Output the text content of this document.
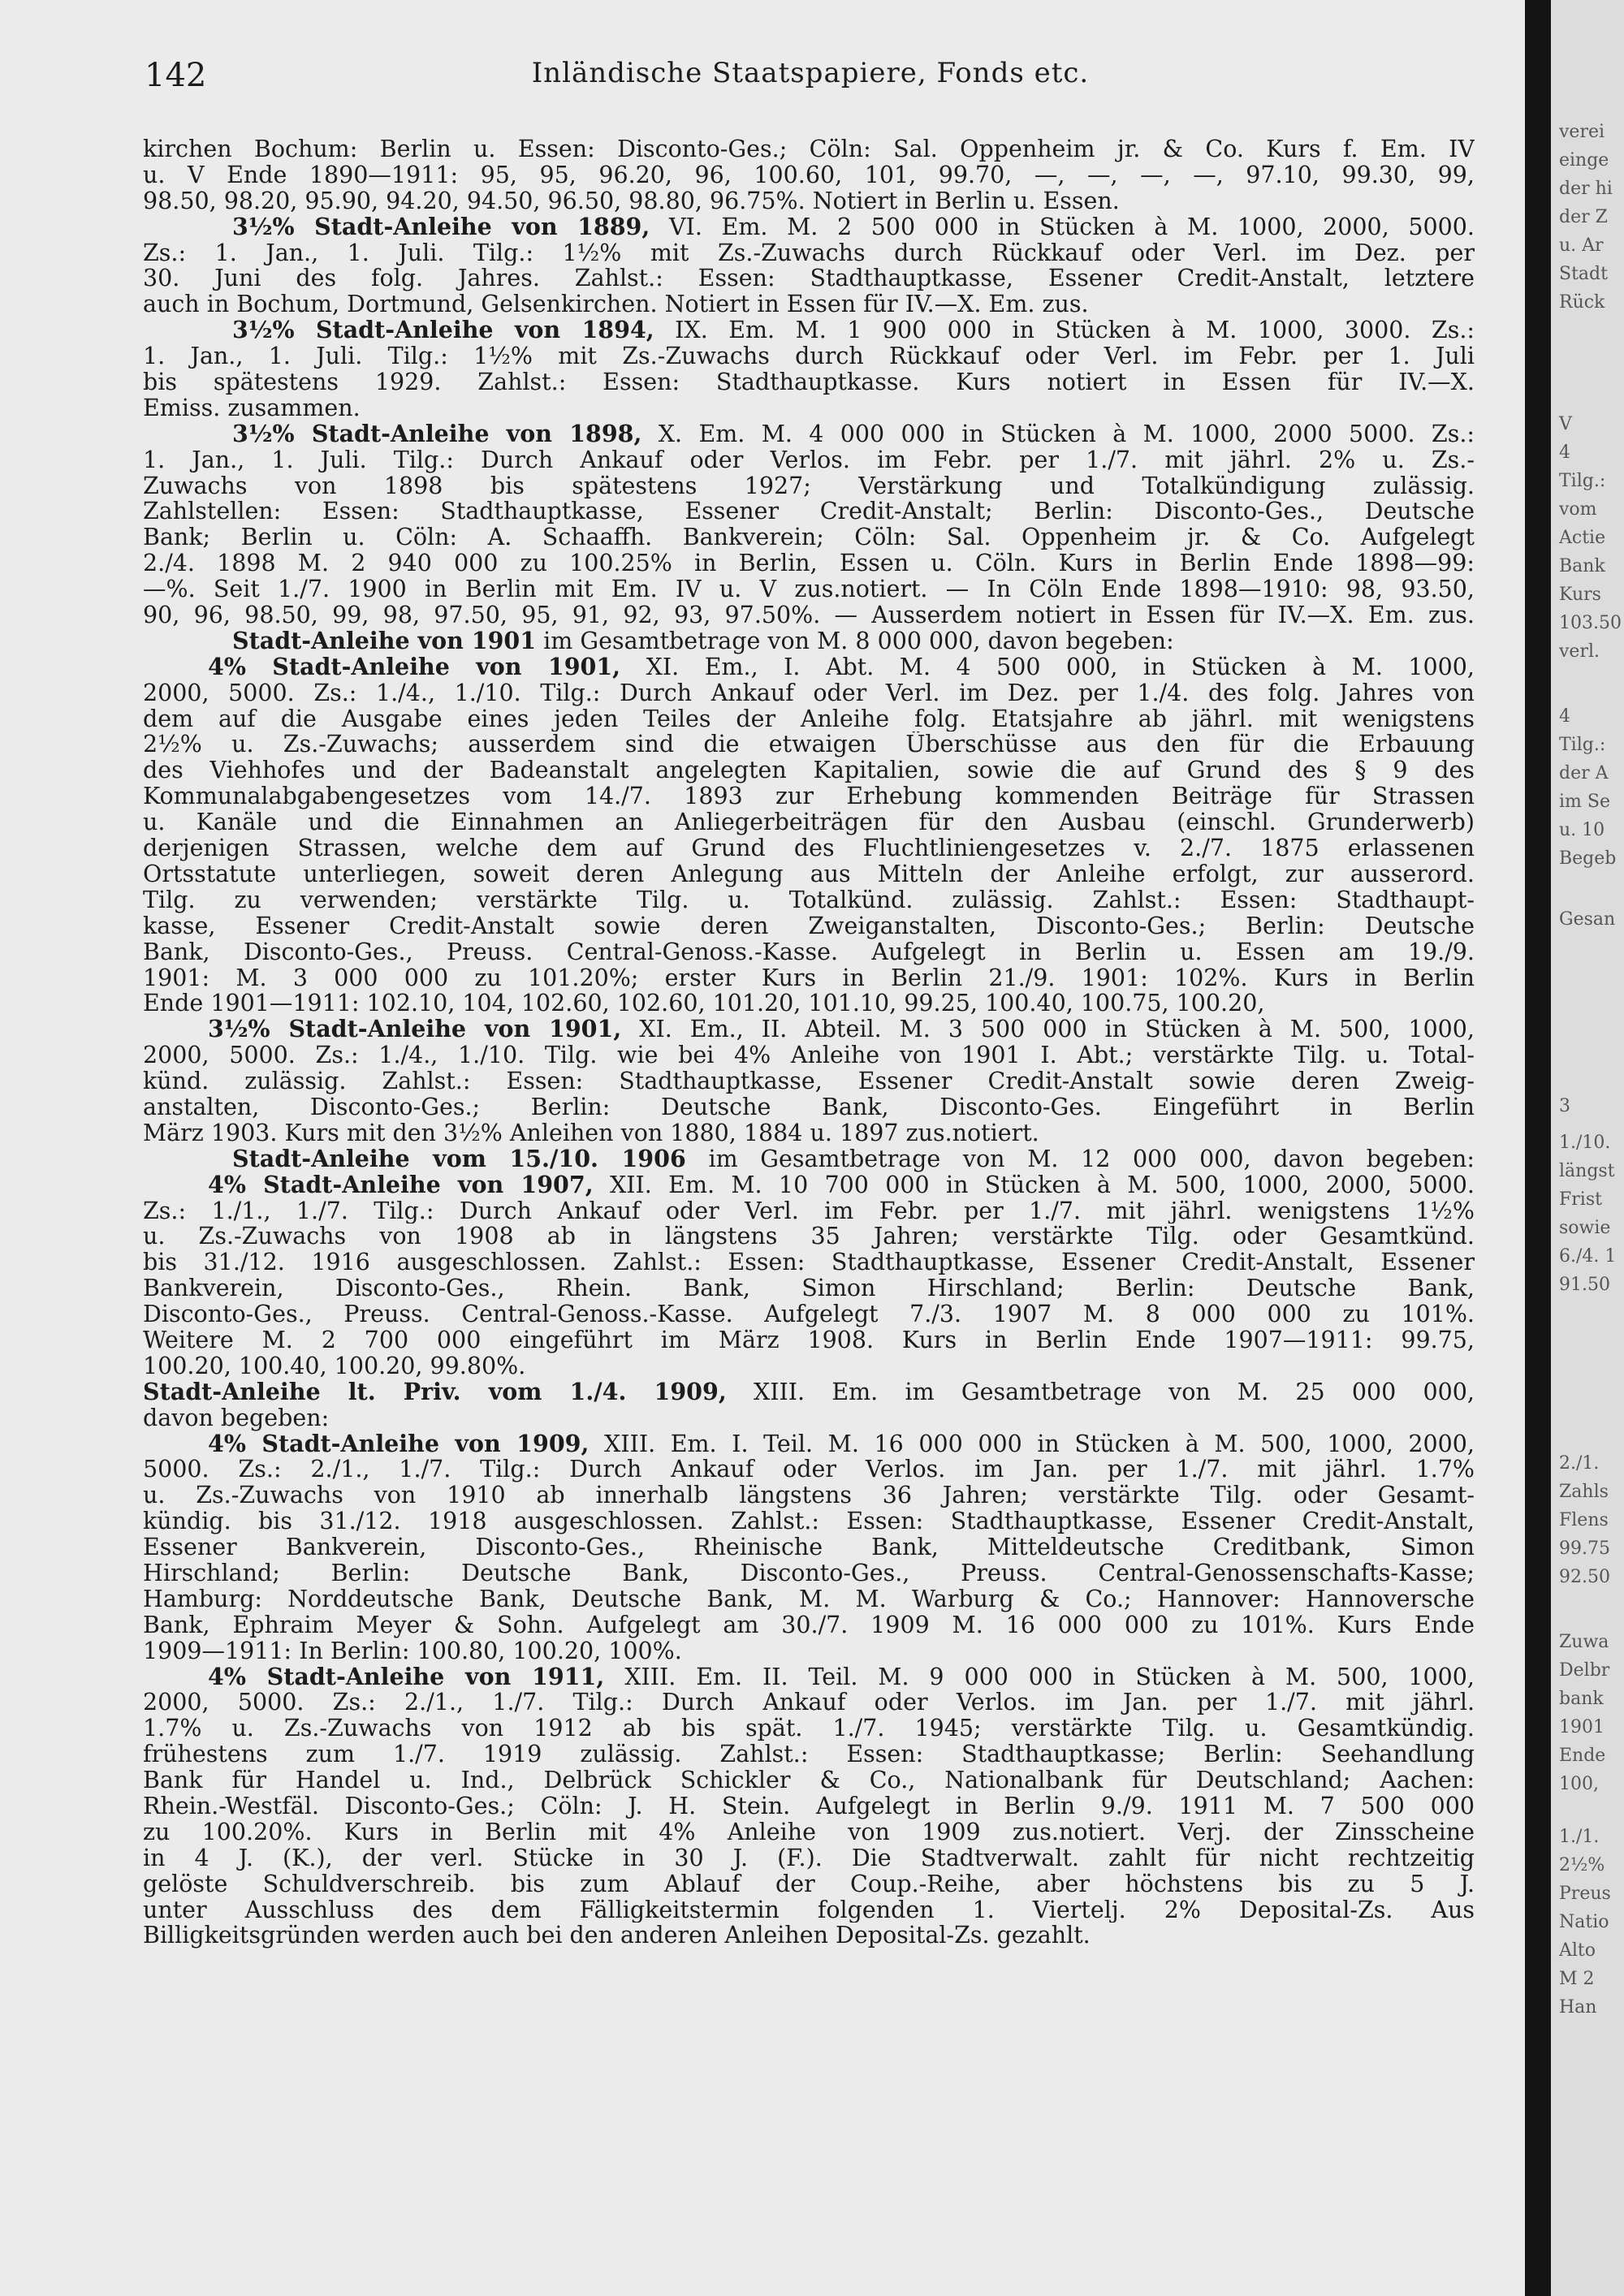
142	Inländische Staatspapiere, Fonds etc.
kirchen Bochum: Berlin u. Essen: Disconto-Ges.; Cöln: Sal. Oppenheim jr. & Co. Kurs f. Em. IV
u. V Ende 1890—1911: 95, 95, 96.20, 96, 100.60, 101, 99.70, —, —, —, —, 97.10, 99.30, 99,
98.50, 98.20, 95.90, 94.20, 94.50, 96.50, 98.80, 96.75%. Notiert in Berlin u. Essen.
3½% Stadt-Anleihe von 1889, VI. Em. M. 2 500 000 in Stücken à M. 1000, 2000, 5000.
Zs.: 1. Jan., 1. Juli. Tilg.: 1½% mit Zs.-Zuwachs durch Rückkauf oder Verl. im Dez. per
30. Juni des folg. Jahres. Zahlst.: Essen: Stadthauptkasse, Essener Credit-Anstalt, letztere
auch in Bochum, Dortmund, Gelsenkirchen. Notiert in Essen für IV.—X. Em. zus.
3½% Stadt-Anleihe von 1894, IX. Em. M. 1 900 000 in Stücken à M. 1000, 3000. Zs.:
1. Jan., 1. Juli. Tilg.: 1½% mit Zs.-Zuwachs durch Rückkauf oder Verl. im Febr. per 1. Juli
bis spätestens 1929. Zahlst.: Essen: Stadthauptkasse. Kurs notiert in Essen für IV.—X.
Emiss. zusammen.
3½% Stadt-Anleihe von 1898, X. Em. M. 4 000 000 in Stücken à M. 1000, 2000 5000. Zs.:
1. Jan., 1. Juli. Tilg.: Durch Ankauf oder Verlos. im Febr. per 1./7. mit jährl. 2% u. Zs.-
Zuwachs von 1898 bis spätestens 1927; Verstärkung und Totalkündigung zulässig.
Zahlstellen: Essen: Stadthauptkasse, Essener Credit-Anstalt; Berlin: Disconto-Ges., Deutsche
Bank; Berlin u. Cöln: A. Schaaffh. Bankverein; Cöln: Sal. Oppenheim jr. & Co. Aufgelegt
2./4. 1898 M. 2 940 000 zu 100.25% in Berlin, Essen u. Cöln. Kurs in Berlin Ende 1898—99:
—%. Seit 1./7. 1900 in Berlin mit Em. IV u. V zus.notiert. — In Cöln Ende 1898—1910: 98, 93.50,
90, 96, 98.50, 99, 98, 97.50, 95, 91, 92, 93, 97.50%. — Ausserdem notiert in Essen für IV.—X. Em. zus.
Stadt-Anleihe von 1901 im Gesamtbetrage von M. 8 000 000, davon begeben:
4% Stadt-Anleihe von 1901, XI. Em., I. Abt. M. 4 500 000, in Stücken à M. 1000,
2000, 5000. Zs.: 1./4., 1./10. Tilg.: Durch Ankauf oder Verl. im Dez. per 1./4. des folg. Jahres von
dem auf die Ausgabe eines jeden Teiles der Anleihe folg. Etatsjahre ab jährl. mit wenigstens
2½% u. Zs.-Zuwachs; ausserdem sind die etwaigen Überschüsse aus den für die Erbauung
des Viehhofes und der Badeanstalt angelegten Kapitalien, sowie die auf Grund des § 9 des
Kommunalabgabengesetzes vom 14./7. 1893 zur Erhebung kommenden Beiträge für Strassen
u. Kanäle und die Einnahmen an Anliegerbeiträgen für den Ausbau (einschl. Grunderwerb)
derjenigen Strassen, welche dem auf Grund des Fluchtliniengesetzes v. 2./7. 1875 erlassenen
Ortsstatute unterliegen, soweit deren Anlegung aus Mitteln der Anleihe erfolgt, zur ausserord.
Tilg. zu verwenden; verstärkte Tilg. u. Totalkünd. zulässig. Zahlst.: Essen: Stadthaupt-
kasse, Essener Credit-Anstalt sowie deren Zweiganstalten, Disconto-Ges.; Berlin: Deutsche
Bank, Disconto-Ges., Preuss. Central-Genoss.-Kasse. Aufgelegt in Berlin u. Essen am 19./9.
1901: M. 3 000 000 zu 101.20%; erster Kurs in Berlin 21./9. 1901: 102%. Kurs in Berlin
Ende 1901—1911: 102.10, 104, 102.60, 102.60, 101.20, 101.10, 99.25, 100.40, 100.75, 100.20,
3½% Stadt-Anleihe von 1901, XI. Em., II. Abteil. M. 3 500 000 in Stücken à M. 500, 1000,
2000, 5000. Zs.: 1./4., 1./10. Tilg. wie bei 4% Anleihe von 1901 I. Abt.; verstärkte Tilg. u. Total-
künd. zulässig. Zahlst.: Essen: Stadthauptkasse, Essener Credit-Anstalt sowie deren Zweig-
anstalten, Disconto-Ges.; Berlin: Deutsche Bank, Disconto-Ges. Eingeführt in Berlin
März 1903. Kurs mit den 3½% Anleihen von 1880, 1884 u. 1897 zus.notiert.
Stadt-Anleihe vom 15./10. 1906 im Gesamtbetrage von M. 12 000 000, davon begeben:
4% Stadt-Anleihe von 1907, XII. Em. M. 10 700 000 in Stücken à M. 500, 1000, 2000, 5000.
Zs.: 1./1., 1./7. Tilg.: Durch Ankauf oder Verl. im Febr. per 1./7. mit jährl. wenigstens 1½%
u. Zs.-Zuwachs von 1908 ab in längstens 35 Jahren; verstärkte Tilg. oder Gesamtkünd.
bis 31./12. 1916 ausgeschlossen. Zahlst.: Essen: Stadthauptkasse, Essener Credit-Anstalt, Essener
Bankverein, Disconto-Ges., Rhein. Bank, Simon Hirschland; Berlin: Deutsche Bank,
Disconto-Ges., Preuss. Central-Genoss.-Kasse. Aufgelegt 7./3. 1907 M. 8 000 000 zu 101%.
Weitere M. 2 700 000 eingeführt im März 1908. Kurs in Berlin Ende 1907—1911: 99.75,
100.20, 100.40, 100.20, 99.80%.
Stadt-Anleihe lt. Priv. vom 1./4. 1909, XIII. Em. im Gesamtbetrage von M. 25 000 000,
davon begeben:
4% Stadt-Anleihe von 1909, XIII. Em. I. Teil. M. 16 000 000 in Stücken à M. 500, 1000, 2000,
5000. Zs.: 2./1., 1./7. Tilg.: Durch Ankauf oder Verlos. im Jan. per 1./7. mit jährl. 1.7%
u. Zs.-Zuwachs von 1910 ab innerhalb längstens 36 Jahren; verstärkte Tilg. oder Gesamt-
kündig. bis 31./12. 1918 ausgeschlossen. Zahlst.: Essen: Stadthauptkasse, Essener Credit-Anstalt,
Essener Bankverein, Disconto-Ges., Rheinische Bank, Mitteldeutsche Creditbank, Simon
Hirschland; Berlin: Deutsche Bank, Disconto-Ges., Preuss. Central-Genossenschafts-Kasse;
Hamburg: Norddeutsche Bank, Deutsche Bank, M. M. Warburg & Co.; Hannover: Hannoversche
Bank, Ephraim Meyer & Sohn. Aufgelegt am 30./7. 1909 M. 16 000 000 zu 101%. Kurs Ende
1909—1911: In Berlin: 100.80, 100.20, 100%.
4% Stadt-Anleihe von 1911, XIII. Em. II. Teil. M. 9 000 000 in Stücken à M. 500, 1000,
2000, 5000. Zs.: 2./1., 1./7. Tilg.: Durch Ankauf oder Verlos. im Jan. per 1./7. mit jährl.
1.7% u. Zs.-Zuwachs von 1912 ab bis spät. 1./7. 1945; verstärkte Tilg. u. Gesamtkündig.
frühestens zum 1./7. 1919 zulässig. Zahlst.: Essen: Stadthauptkasse; Berlin: Seehandlung
Bank für Handel u. Ind., Delbrück Schickler & Co., Nationalbank für Deutschland; Aachen:
Rhein.-Westfäl. Disconto-Ges.; Cöln: J. H. Stein. Aufgelegt in Berlin 9./9. 1911 M. 7 500 000
zu 100.20%. Kurs in Berlin mit 4% Anleihe von 1909 zus.notiert. Verj. der Zinsscheine
in 4 J. (K.), der verl. Stücke in 30 J. (F.). Die Stadtverwalt. zahlt für nicht rechtzeitig
gelöste Schuldverschreib. bis zum Ablauf der Coup.-Reihe, aber höchstens bis zu 5 J.
unter Ausschluss des dem Fälligkeitstermin folgenden 1. Viertelj. 2% Deposital-Zs. Aus
Billigkeitsgründen werden auch bei den anderen Anleihen Deposital-Zs. gezahlt.
verei
einge
der hi
der Z
u. Ar
Stadt
Rück
V
4
Tilg.:
vom
Actie
Bank
Kurs
103.50
verl.
4
Tilg.:
der A
im Se
u. 10
Begeb
Gesan
3
1./10.
längst
Frist
sowie
6./4. 1
91.50
2./1.
Zahls
Flens
99.75
92.50
Zuwa
Delbr
bank
1901
Ende
100,
1./1.
2½%
Preus
Natio
Alto
M 2
Han
